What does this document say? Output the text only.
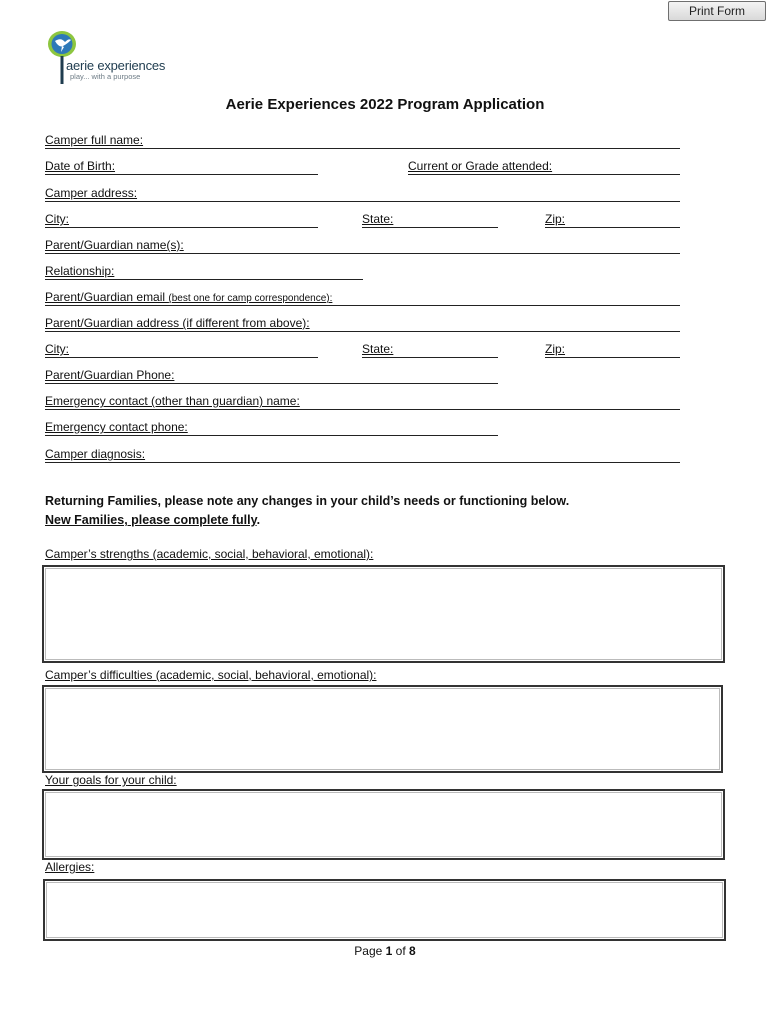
Print Form
aerie experiences
play... with a purpose
Aerie Experiences 2022 Program Application
Camper full name:
Date of Birth:	Current or Grade attended:
Camper address:
City:	State:	Zip:
Parent/Guardian name(s):
Relationship:
Parent/Guardian email (best one for camp correspondence):
Parent/Guardian address (if different from above):
City:	State:	Zip:
Parent/Guardian Phone:
Emergency contact (other than guardian) name:
Emergency contact phone:
Camper diagnosis:
Returning Families, please note any changes in your child’s needs or functioning below.
New Families, please complete fully.
Camper’s strengths (academic, social, behavioral, emotional):
Camper’s difficulties (academic, social, behavioral, emotional):
Your goals for your child:
Allergies:
Page 1 of 8
